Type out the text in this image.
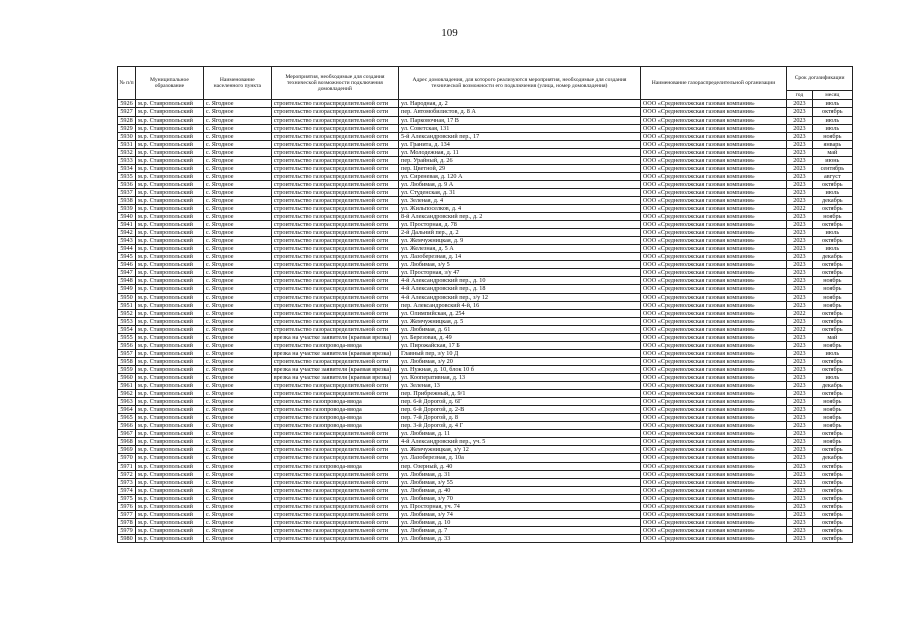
109
№ п/п	Муниципальное образование	Наименование населенного пункта	Мероприятия, необходимые для создания технической возможности подключения домовладений	Адрес домовладения, для которого реализуются мероприятия, необходимые для создания технической возможности его подключения (улица, номер домовладения)	Наименование газораспределительной организации	Срок догазификации	
						год	месяц
5926	м.р. Ставропольский	с. Ягодное	строительство газораспределительной сети	ул. Народная, д. 2	ООО «Средневолжская газовая компания»	2023	июль
5927	м.р. Ставропольский	с. Ягодное	строительство газораспределительной сети	пер. Автомобилистов, д. 8 А	ООО «Средневолжская газовая компания»	2023	октябрь
5928	м.р. Ставропольский	с. Ягодное	строительство газораспределительной сети	ул. Парковочная, 17 В	ООО «Средневолжская газовая компания»	2023	июль
5929	м.р. Ставропольский	с. Ягодное	строительство газораспределительной сети	ул. Советская, 131	ООО «Средневолжская газовая компания»	2023	июль
5930	м.р. Ставропольский	с. Ягодное	строительство газораспределительной сети	5-й Александровский пер., 17	ООО «Средневолжская газовая компания»	2023	ноябрь
5931	м.р. Ставропольский	с. Ягодное	строительство газораспределительной сети	ул. Гранита, д. 134	ООО «Средневолжская газовая компания»	2023	январь
5932	м.р. Ставропольский	с. Ягодное	строительство газораспределительной сети	ул. Молодежная, д. 11	ООО «Средневолжская газовая компания»	2023	май
5933	м.р. Ставропольский	с. Ягодное	строительство газораспределительной сети	пер. Урайный, д. 26	ООО «Средневолжская газовая компания»	2023	июнь
5934	м.р. Ставропольский	с. Ягодное	строительство газораспределительной сети	пер. Цветной, 29	ООО «Средневолжская газовая компания»	2023	сентябрь
5935	м.р. Ставропольский	с. Ягодное	строительство газораспределительной сети	ул. Сиреневая, д. 120 А	ООО «Средневолжская газовая компания»	2023	август
5936	м.р. Ставропольский	с. Ягодное	строительство газораспределительной сети	ул. Любимая, д. 9 А	ООО «Средневолжская газовая компания»	2023	октябрь
5937	м.р. Ставропольский	с. Ягодное	строительство газораспределительной сети	ул. Студенская, д. 31	ООО «Средневолжская газовая компания»	2023	июль
5938	м.р. Ставропольский	с. Ягодное	строительство газораспределительной сети	ул. Зеленая, д. 4	ООО «Средневолжская газовая компания»	2023	декабрь
5939	м.р. Ставропольский	с. Ягодное	строительство газораспределительной сети	ул. Жильпоселков, д. 4	ООО «Средневолжская газовая компания»	2022	октябрь
5940	м.р. Ставропольский	с. Ягодное	строительство газораспределительной сети	8-й Александровский пер., д. 2	ООО «Средневолжская газовая компания»	2023	ноябрь
5941	м.р. Ставропольский	с. Ягодное	строительство газораспределительной сети	ул. Просторная, д. 78	ООО «Средневолжская газовая компания»	2023	октябрь
5942	м.р. Ставропольский	с. Ягодное	строительство газораспределительной сети	2-й Дальний пер., д. 2	ООО «Средневолжская газовая компания»	2023	июль
5943	м.р. Ставропольский	с. Ягодное	строительство газораспределительной сети	ул. Жемчужницкая, д. 9	ООО «Средневолжская газовая компания»	2023	октябрь
5944	м.р. Ставропольский	с. Ягодное	строительство газораспределительной сети	ул. Железная, д. 5 А	ООО «Средневолжская газовая компания»	2023	июль
5945	м.р. Ставропольский	с. Ягодное	строительство газораспределительной сети	ул. Лазоберезная, д. 14	ООО «Средневолжская газовая компания»	2023	декабрь
5946	м.р. Ставропольский	с. Ягодное	строительство газораспределительной сети	ул. Любимая, з/у 5	ООО «Средневолжская газовая компания»	2023	октябрь
5947	м.р. Ставропольский	с. Ягодное	строительство газораспределительной сети	ул. Просторная, з/у 47	ООО «Средневолжская газовая компания»	2023	октябрь
5948	м.р. Ставропольский	с. Ягодное	строительство газораспределительной сети	4-й Александровский пер., д. 10	ООО «Средневолжская газовая компания»	2023	ноябрь
5949	м.р. Ставропольский	с. Ягодное	строительство газораспределительной сети	4-й Александровский пер., д. 18	ООО «Средневолжская газовая компания»	2023	ноябрь
5950	м.р. Ставропольский	с. Ягодное	строительство газораспределительной сети	4-й Александровский пер., з/у 12	ООО «Средневолжская газовая компания»	2023	ноябрь
5951	м.р. Ставропольский	с. Ягодное	строительство газораспределительной сети	пер. Александровский 4-й, 16	ООО «Средневолжская газовая компания»	2023	ноябрь
5952	м.р. Ставропольский	с. Ягодное	строительство газораспределительной сети	ул. Олимпийская, д. 254	ООО «Средневолжская газовая компания»	2022	октябрь
5953	м.р. Ставропольский	с. Ягодное	строительство газораспределительной сети	ул. Жемчужницкая, д. 5	ООО «Средневолжская газовая компания»	2023	октябрь
5954	м.р. Ставропольский	с. Ягодное	строительство газораспределительной сети	ул. Любимая, д. 61	ООО «Средневолжская газовая компания»	2022	октябрь
5955	м.р. Ставропольский	с. Ягодное	врезка на участке заявителя (краевая врезка)	ул. Березовая, д. 49	ООО «Средневолжская газовая компания»	2023	май
5956	м.р. Ставропольский	с. Ягодное	строительство газопровода-ввода	ул. Пирожайская, 17 Б	ООО «Средневолжская газовая компания»	2023	ноябрь
5957	м.р. Ставропольский	с. Ягодное	врезка на участке заявителя (краевая врезка)	Главный пер, з/у 10 Д	ООО «Средневолжская газовая компания»	2023	июль
5958	м.р. Ставропольский	с. Ягодное	строительство газораспределительной сети	ул. Любимая, з/у 20	ООО «Средневолжская газовая компания»	2023	октябрь
5959	м.р. Ставропольский	с. Ягодное	врезка на участке заявителя (краевая врезка)	ул. Нужная, д. 10, блок 10 б	ООО «Средневолжская газовая компания»	2023	октябрь
5960	м.р. Ставропольский	с. Ягодное	врезка на участке заявителя (краевая врезка)	ул. Кооперативная, д. 13	ООО «Средневолжская газовая компания»	2023	июль
5961	м.р. Ставропольский	с. Ягодное	строительство газораспределительной сети	ул. Зеленая, 13	ООО «Средневолжская газовая компания»	2023	декабрь
5962	м.р. Ставропольский	с. Ягодное	строительство газораспределительной сети	пер. Прибрежный, д. 9/1	ООО «Средневолжская газовая компания»	2023	октябрь
5963	м.р. Ставропольский	с. Ягодное	строительство газопровода-ввода	пер. 6-й Дорогой, д. 6Г	ООО «Средневолжская газовая компания»	2023	ноябрь
5964	м.р. Ставропольский	с. Ягодное	строительство газопровода-ввода	пер. 6-й Дорогой, д. 2-В	ООО «Средневолжская газовая компания»	2023	ноябрь
5965	м.р. Ставропольский	с. Ягодное	строительство газопровода-ввода	пер. 7-й Дорогой, д. 8	ООО «Средневолжская газовая компания»	2023	ноябрь
5966	м.р. Ставропольский	с. Ягодное	строительство газопровода-ввода	пер. 3-й Дорогой, д. 4 Г	ООО «Средневолжская газовая компания»	2023	ноябрь
5967	м.р. Ставропольский	с. Ягодное	строительство газораспределительной сети	ул. Любимая, д. 11	ООО «Средневолжская газовая компания»	2023	октябрь
5968	м.р. Ставропольский	с. Ягодное	строительство газораспределительной сети	4-й Александровский пер., уч. 5	ООО «Средневолжская газовая компания»	2023	ноябрь
5969	м.р. Ставропольский	с. Ягодное	строительство газораспределительной сети	ул. Жемчужницкая, з/у 12	ООО «Средневолжская газовая компания»	2023	октябрь
5970	м.р. Ставропольский	с. Ягодное	строительство газораспределительной сети	ул. Лазоберезная, д. 10а	ООО «Средневолжская газовая компания»	2023	декабрь
5971	м.р. Ставропольский	с. Ягодное	строительство газопровода-ввода	пер. Озерный, д. 40	ООО «Средневолжская газовая компания»	2023	октябрь
5972	м.р. Ставропольский	с. Ягодное	строительство газораспределительной сети	ул. Любимая, д. 31	ООО «Средневолжская газовая компания»	2023	октябрь
5973	м.р. Ставропольский	с. Ягодное	строительство газораспределительной сети	ул. Любимая, з/у 55	ООО «Средневолжская газовая компания»	2023	октябрь
5974	м.р. Ставропольский	с. Ягодное	строительство газораспределительной сети	ул. Любимая, д. 40	ООО «Средневолжская газовая компания»	2023	октябрь
5975	м.р. Ставропольский	с. Ягодное	строительство газораспределительной сети	ул. Любимая, з/у 70	ООО «Средневолжская газовая компания»	2023	октябрь
5976	м.р. Ставропольский	с. Ягодное	строительство газораспределительной сети	ул. Просторная, уч. 74	ООО «Средневолжская газовая компания»	2023	октябрь
5977	м.р. Ставропольский	с. Ягодное	строительство газораспределительной сети	ул. Любимая, з/у 74	ООО «Средневолжская газовая компания»	2023	октябрь
5978	м.р. Ставропольский	с. Ягодное	строительство газораспределительной сети	ул. Любимая, д. 10	ООО «Средневолжская газовая компания»	2023	октябрь
5979	м.р. Ставропольский	с. Ягодное	строительство газораспределительной сети	ул. Любимая, д. 7	ООО «Средневолжская газовая компания»	2023	октябрь
5980	м.р. Ставропольский	с. Ягодное	строительство газораспределительной сети	ул. Любимая, д. 33	ООО «Средневолжская газовая компания»	2023	октябрь
